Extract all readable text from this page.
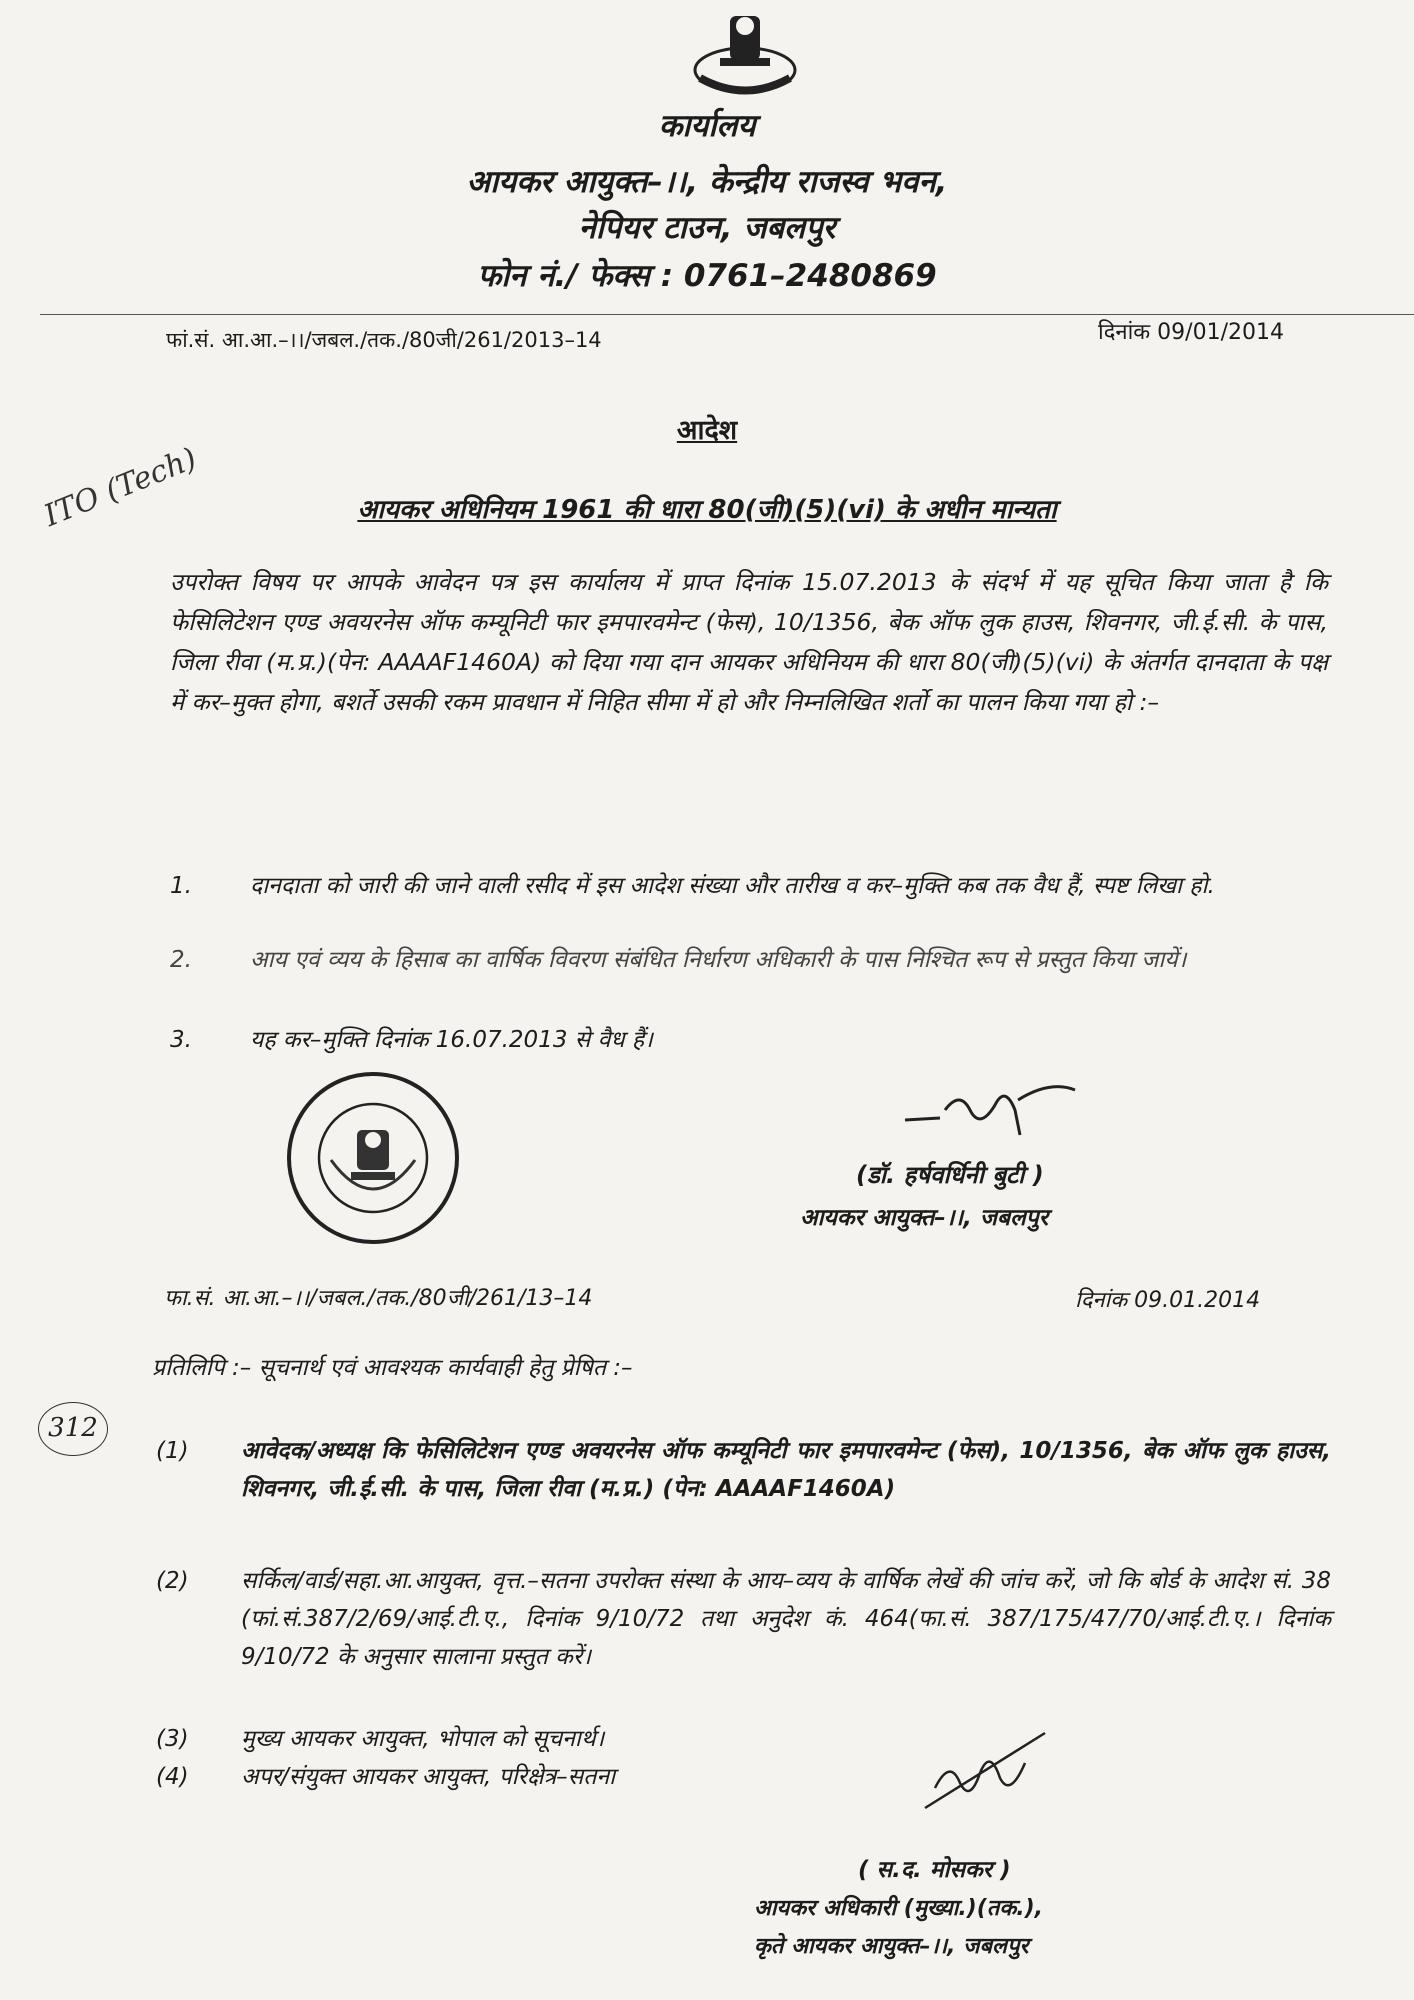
कार्यालय
आयकर आयुक्त–।।, केन्द्रीय राजस्व भवन,
नेपियर टाउन, जबलपुर
फोन नं./ फेक्स : 0761–2480869
फां.सं. आ.आ.–।।/जबल./तक./80जी/261/2013–14	दिनांक 09/01/2014
ITO (Tech)
आदेश
आयकर अधिनियम 1961 की धारा 80(जी)(5)(vi) के अधीन मान्यता
उपरोक्त विषय पर आपके आवेदन पत्र इस कार्यालय में प्राप्त दिनांक 15.07.2013 के संदर्भ में यह सूचित किया जाता है कि फेसिलिटेशन एण्ड अवयरनेस ऑफ कम्यूनिटी फार इमपारवमेन्ट (फेस), 10/1356, बेक ऑफ लुक हाउस, शिवनगर, जी.ई.सी. के पास, जिला रीवा (म.प्र.)(पेन: AAAAF1460A) को दिया गया दान आयकर अधिनियम की धारा 80(जी)(5)(vi) के अंतर्गत दानदाता के पक्ष में कर–मुक्त होगा, बशर्ते उसकी रकम प्रावधान में निहित सीमा में हो और निम्नलिखित शर्तो का पालन किया गया हो :–
1.	दानदाता को जारी की जाने वाली रसीद में इस आदेश संख्या और तारीख व कर–मुक्ति कब तक वैध हैं, स्पष्ट लिखा हो.
2.	आय एवं व्यय के हिसाब का वार्षिक विवरण संबंधित निर्धारण अधिकारी के पास निश्चित रूप से प्रस्तुत किया जायें।
3.	यह कर–मुक्ति दिनांक 16.07.2013 से वैध हैं।
(डॉ. हर्षवर्धिनी बुटी )
आयकर आयुक्त–।।, जबलपुर
फा.सं. आ.आ.–।।/जबल./तक./80जी/261/13–14	दिनांक 09.01.2014
प्रतिलिपि :– सूचनार्थ एवं आवश्यक कार्यवाही हेतु प्रेषित :–
312
(1)	आवेदक/अध्यक्ष कि फेसिलिटेशन एण्ड अवयरनेस ऑफ कम्यूनिटी फार इमपारवमेन्ट (फेस), 10/1356, बेक ऑफ लुक हाउस, शिवनगर, जी.ई.सी. के पास, जिला रीवा (म.प्र.) (पेन: AAAAF1460A)
(2)	सर्किल/वार्ड/सहा.आ.आयुक्त, वृत्त.–सतना उपरोक्त संस्था के आय–व्यय के वार्षिक लेखें की जांच करें, जो कि बोर्ड के आदेश सं. 38 (फां.सं.387/2/69/आई.टी.ए., दिनांक 9/10/72 तथा अनुदेश कं. 464(फा.सं. 387/175/47/70/आई.टी.ए.। दिनांक 9/10/72 के अनुसार सालाना प्रस्तुत करें।
(3)	मुख्य आयकर आयुक्त, भोपाल को सूचनार्थ।
(4)	अपर/संयुक्त आयकर आयुक्त, परिक्षेत्र–सतना
( स.द. मोसकर )
आयकर अधिकारी (मुख्या.)(तक.),
कृते आयकर आयुक्त–।।, जबलपुर
